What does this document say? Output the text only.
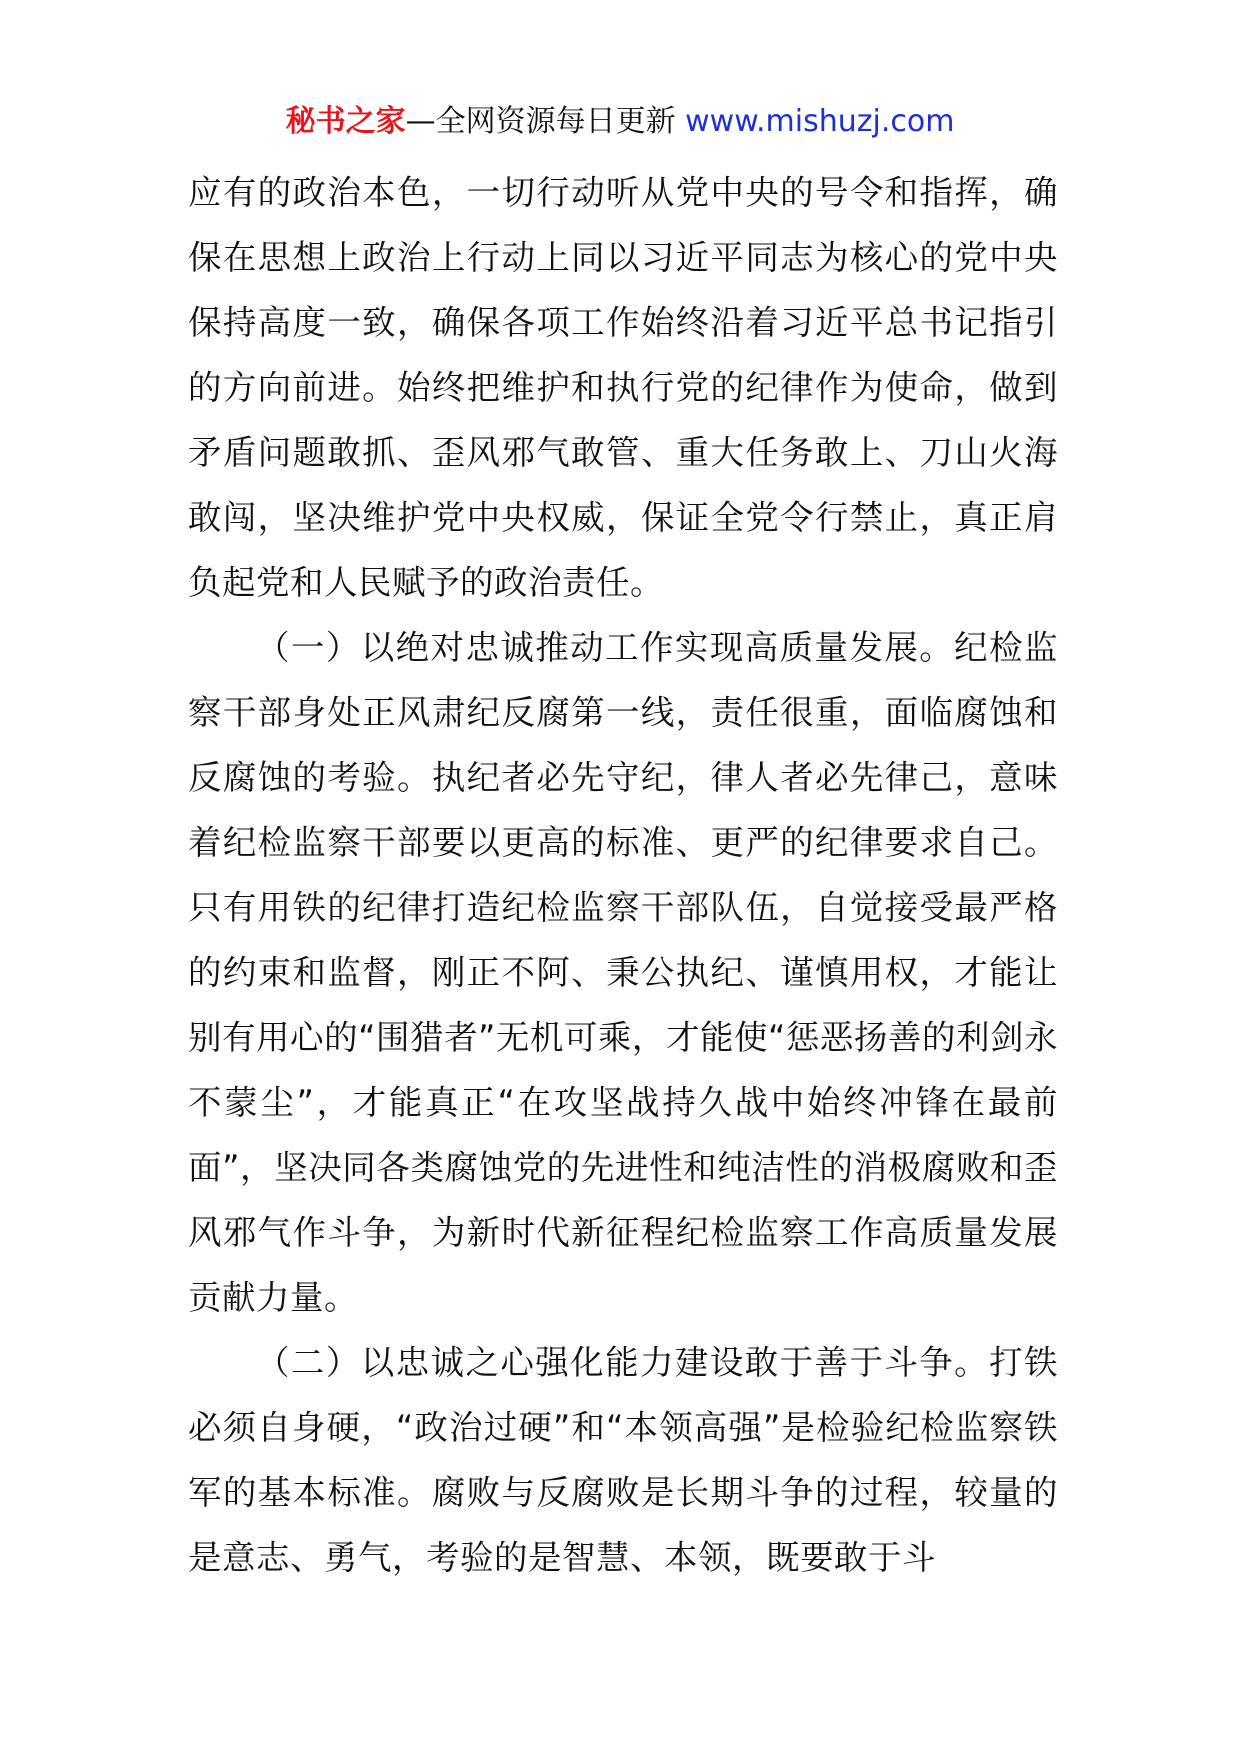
秘书之家—全网资源每日更新 www.mishuzj.com

应有的政治本色，一切行动听从党中央的号令和指挥，确保在思想上政治上行动上同以习近平同志为核心的党中央保持高度一致，确保各项工作始终沿着习近平总书记指引的方向前进。始终把维护和执行党的纪律作为使命，做到矛盾问题敢抓、歪风邪气敢管、重大任务敢上、刀山火海敢闯，坚决维护党中央权威，保证全党令行禁止，真正肩负起党和人民赋予的政治责任。

（一）以绝对忠诚推动工作实现高质量发展。纪检监察干部身处正风肃纪反腐第一线，责任很重，面临腐蚀和反腐蚀的考验。执纪者必先守纪，律人者必先律己，意味着纪检监察干部要以更高的标准、更严的纪律要求自己。只有用铁的纪律打造纪检监察干部队伍，自觉接受最严格的约束和监督，刚正不阿、秉公执纪、谨慎用权，才能让别有用心的“围猎者”无机可乘，才能使“惩恶扬善的利剑永不蒙尘”，才能真正“在攻坚战持久战中始终冲锋在最前面”，坚决同各类腐蚀党的先进性和纯洁性的消极腐败和歪风邪气作斗争，为新时代新征程纪检监察工作高质量发展贡献力量。

（二）以忠诚之心强化能力建设敢于善于斗争。打铁必须自身硬，“政治过硬”和“本领高强”是检验纪检监察铁军的基本标准。腐败与反腐败是长期斗争的过程，较量的是意志、勇气，考验的是智慧、本领，既要敢于斗
